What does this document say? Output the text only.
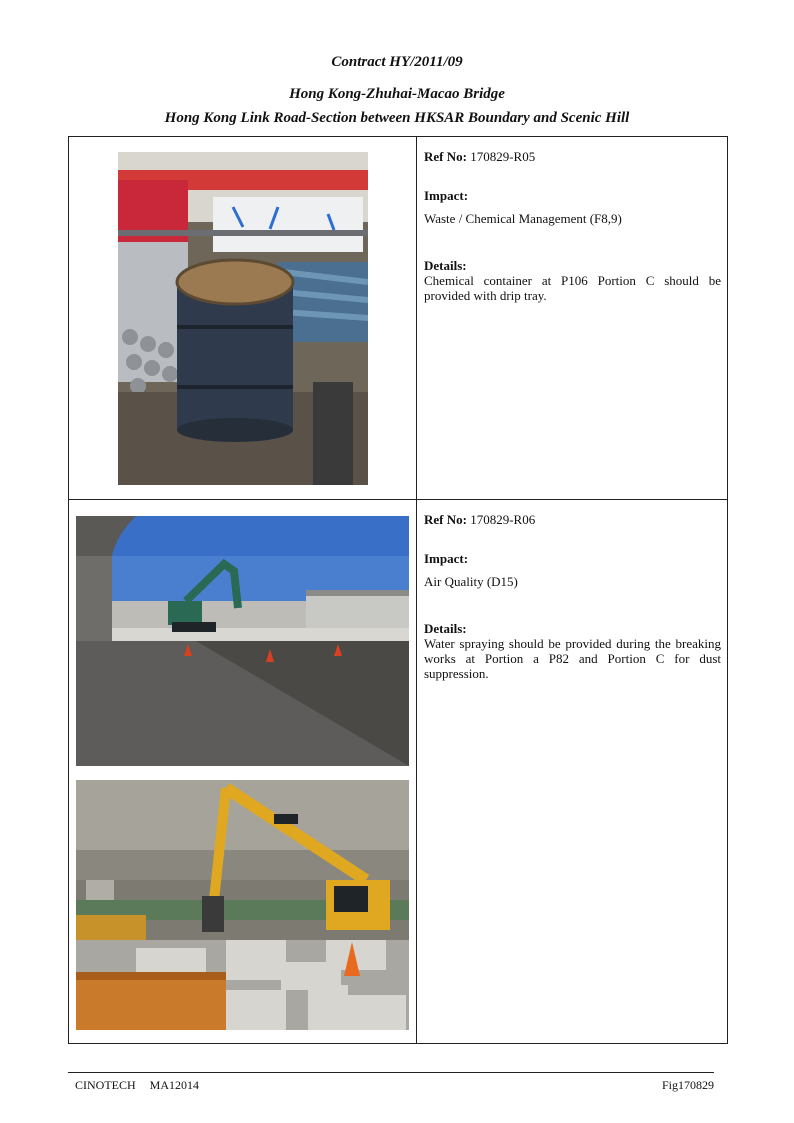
Contract HY/2011/09
Hong Kong-Zhuhai-Macao Bridge
Hong Kong Link Road-Section between HKSAR Boundary and Scenic Hill

Ref No: 170829-R05

Impact:

Waste / Chemical Management (F8,9)

Details:

Chemical container at P106 Portion C should be provided with drip tray.

Ref No: 170829-R06

Impact:

Air Quality (D15)

Details:

Water spraying should be provided during the breaking works at Portion a P82 and Portion C for dust suppression.

CINOTECH MA12014	Fig170829
